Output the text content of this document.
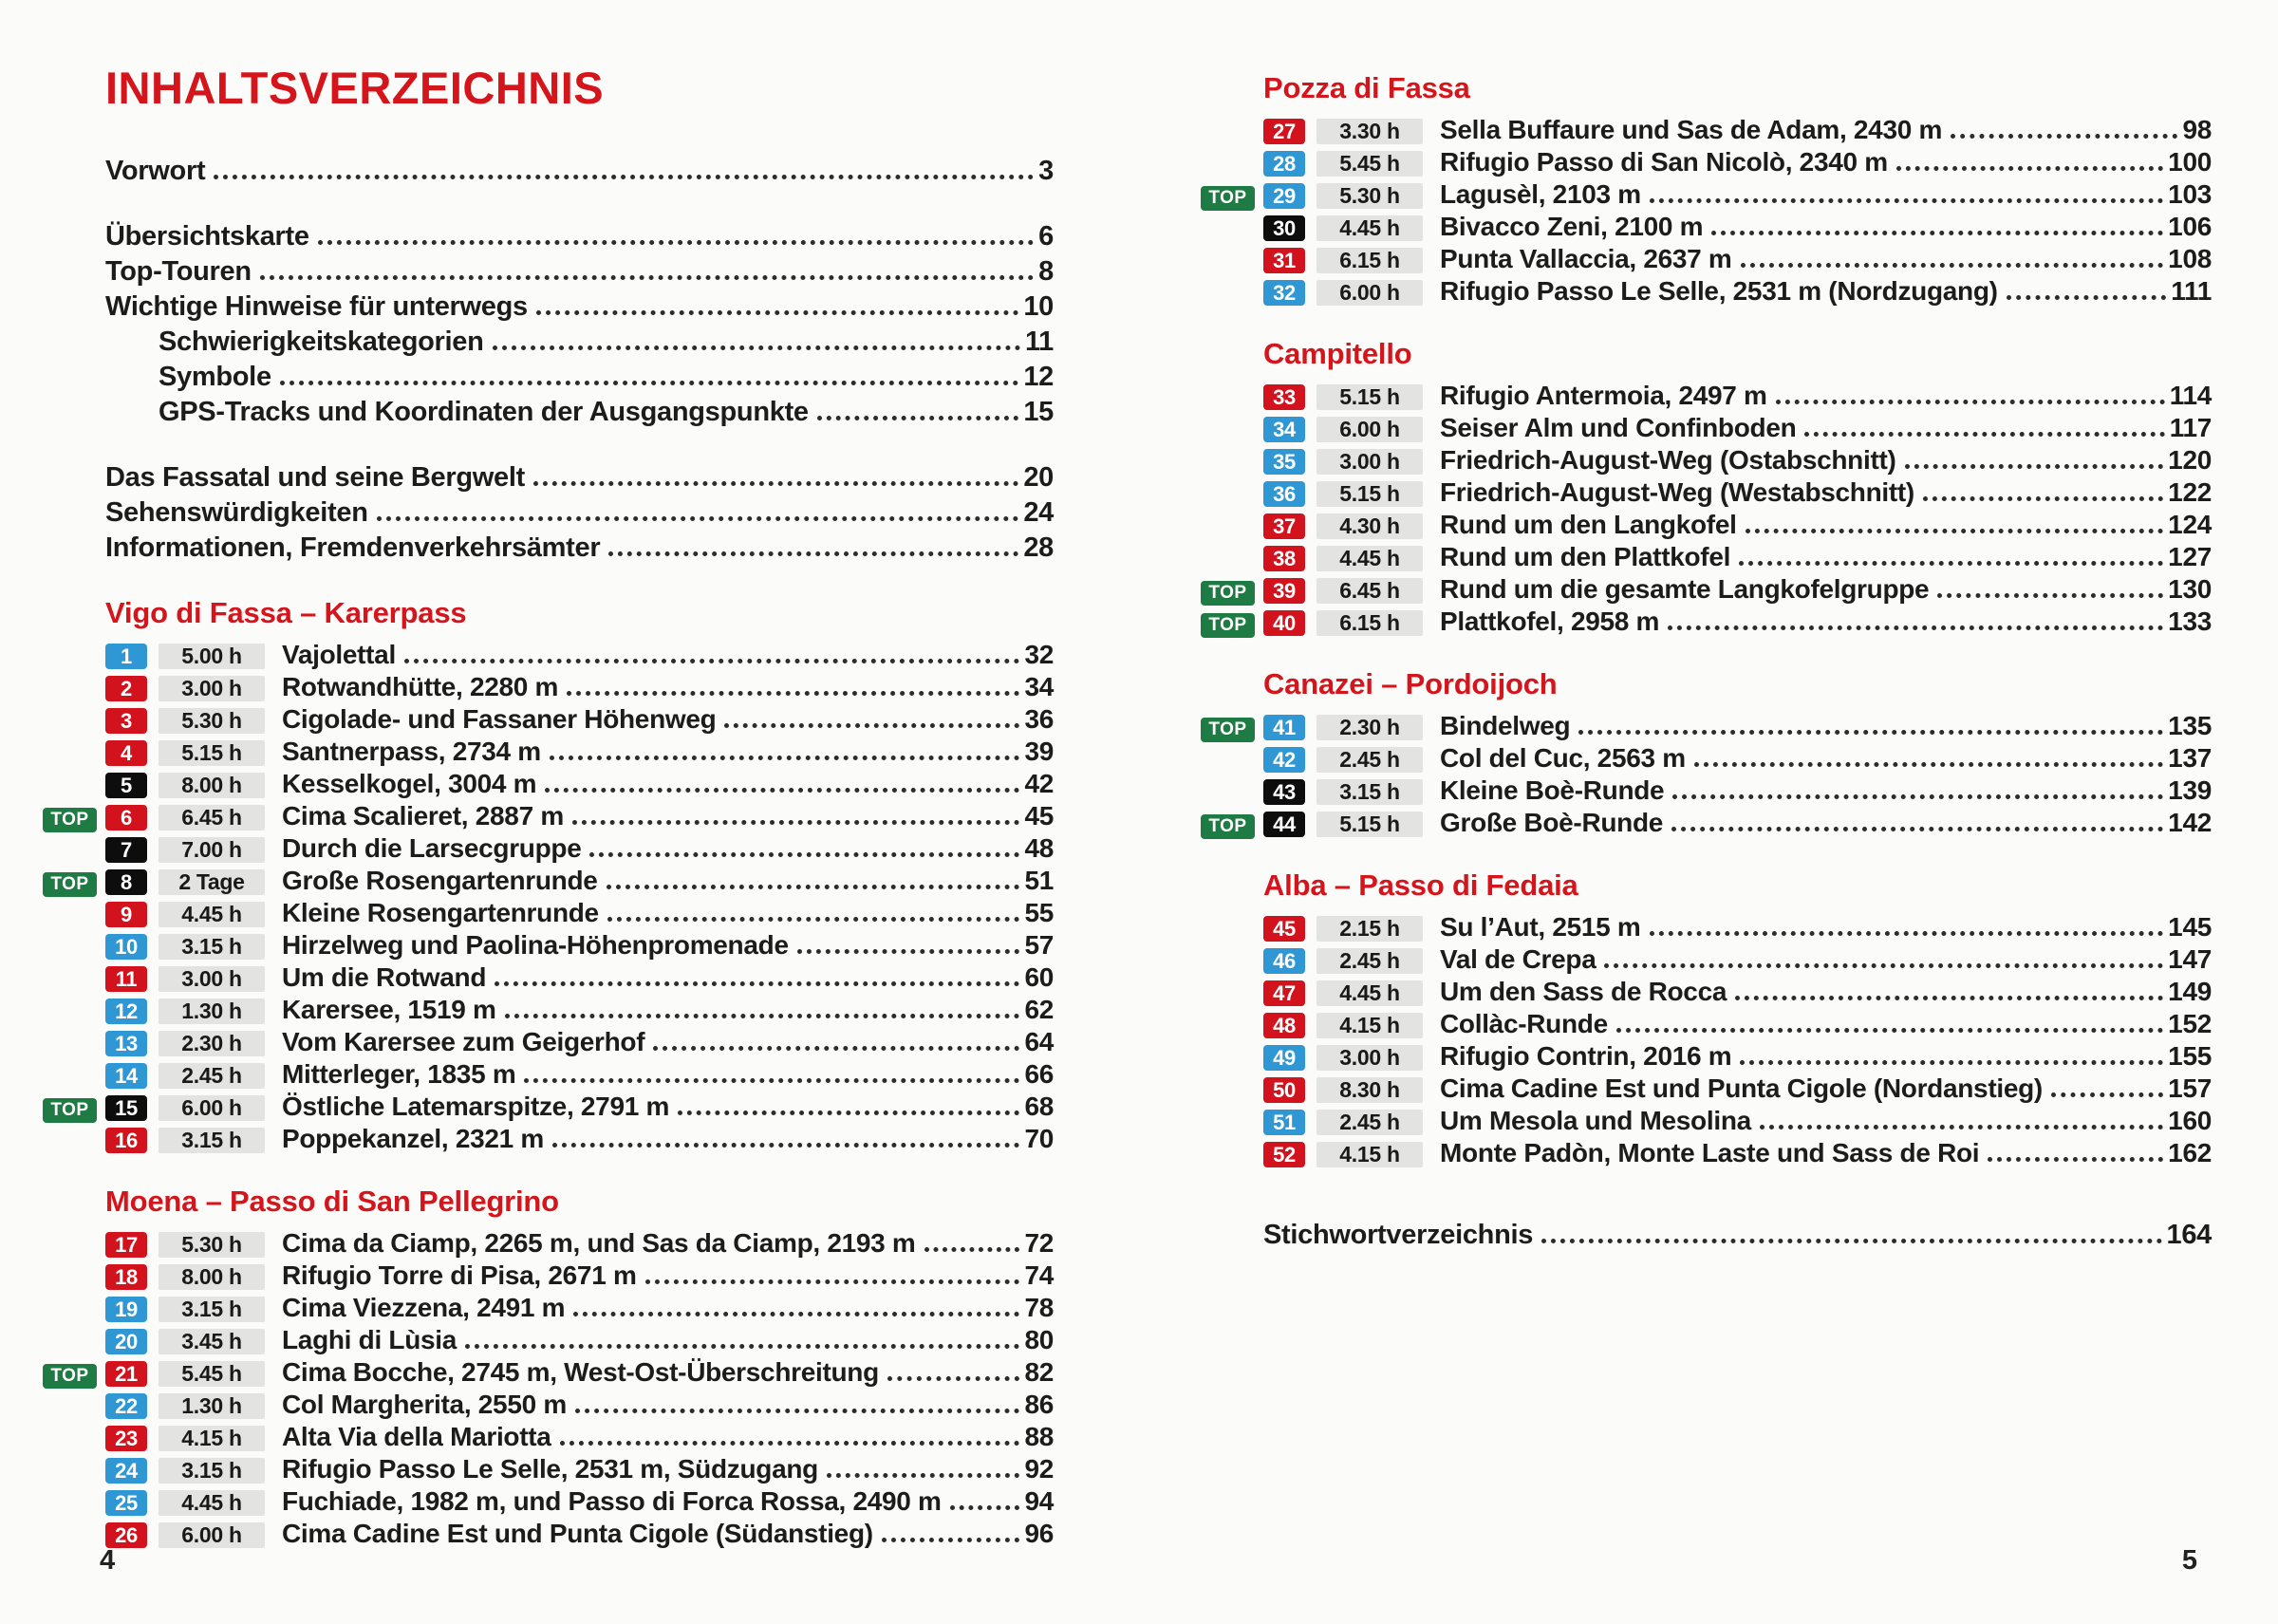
INHALTSVERZEICHNIS
Vorwort	3
Übersichtskarte	6
Top-Touren	8
Wichtige Hinweise für unterwegs	10
Schwierigkeitskategorien	11
Symbole	12
GPS-Tracks und Koordinaten der Ausgangspunkte	15
Das Fassatal und seine Bergwelt	20
Sehenswürdigkeiten	24
Informationen, Fremdenverkehrsämter	28
Vigo di Fassa – Karerpass
1	5.00 h	Vajolettal	32
2	3.00 h	Rotwandhütte, 2280 m	34
3	5.30 h	Cigolade- und Fassaner Höhenweg	36
4	5.15 h	Santnerpass, 2734 m	39
5	8.00 h	Kesselkogel, 3004 m	42
TOP	6	6.45 h	Cima Scalieret, 2887 m	45
7	7.00 h	Durch die Larsecgruppe	48
TOP	8	2 Tage	Große Rosengartenrunde	51
9	4.45 h	Kleine Rosengartenrunde	55
10	3.15 h	Hirzelweg und Paolina-Höhenpromenade	57
11	3.00 h	Um die Rotwand	60
12	1.30 h	Karersee, 1519 m	62
13	2.30 h	Vom Karersee zum Geigerhof	64
14	2.45 h	Mitterleger, 1835 m	66
TOP	15	6.00 h	Östliche Latemarspitze, 2791 m	68
16	3.15 h	Poppekanzel, 2321 m	70
Moena – Passo di San Pellegrino
17	5.30 h	Cima da Ciamp, 2265 m, und Sas da Ciamp, 2193 m	72
18	8.00 h	Rifugio Torre di Pisa, 2671 m	74
19	3.15 h	Cima Viezzena, 2491 m	78
20	3.45 h	Laghi di Lùsia	80
TOP	21	5.45 h	Cima Bocche, 2745 m, West-Ost-Überschreitung	82
22	1.30 h	Col Margherita, 2550 m	86
23	4.15 h	Alta Via della Mariotta	88
24	3.15 h	Rifugio Passo Le Selle, 2531 m, Südzugang	92
25	4.45 h	Fuchiade, 1982 m, und Passo di Forca Rossa, 2490 m	94
26	6.00 h	Cima Cadine Est und Punta Cigole (Südanstieg)	96
Pozza di Fassa
27	3.30 h	Sella Buffaure und Sas de Adam, 2430 m	98
28	5.45 h	Rifugio Passo di San Nicolò, 2340 m	100
TOP	29	5.30 h	Lagusèl, 2103 m	103
30	4.45 h	Bivacco Zeni, 2100 m	106
31	6.15 h	Punta Vallaccia, 2637 m	108
32	6.00 h	Rifugio Passo Le Selle, 2531 m (Nordzugang)	111
Campitello
33	5.15 h	Rifugio Antermoia, 2497 m	114
34	6.00 h	Seiser Alm und Confinboden	117
35	3.00 h	Friedrich-August-Weg (Ostabschnitt)	120
36	5.15 h	Friedrich-August-Weg (Westabschnitt)	122
37	4.30 h	Rund um den Langkofel	124
38	4.45 h	Rund um den Plattkofel	127
TOP	39	6.45 h	Rund um die gesamte Langkofelgruppe	130
TOP	40	6.15 h	Plattkofel, 2958 m	133
Canazei – Pordoijoch
TOP	41	2.30 h	Bindelweg	135
42	2.45 h	Col del Cuc, 2563 m	137
43	3.15 h	Kleine Boè-Runde	139
TOP	44	5.15 h	Große Boè-Runde	142
Alba – Passo di Fedaia
45	2.15 h	Su l’Aut, 2515 m	145
46	2.45 h	Val de Crepa	147
47	4.45 h	Um den Sass de Rocca	149
48	4.15 h	Collàc-Runde	152
49	3.00 h	Rifugio Contrin, 2016 m	155
50	8.30 h	Cima Cadine Est und Punta Cigole (Nordanstieg)	157
51	2.45 h	Um Mesola und Mesolina	160
52	4.15 h	Monte Padòn, Monte Laste und Sass de Roi	162
Stichwortverzeichnis	164
4	5
